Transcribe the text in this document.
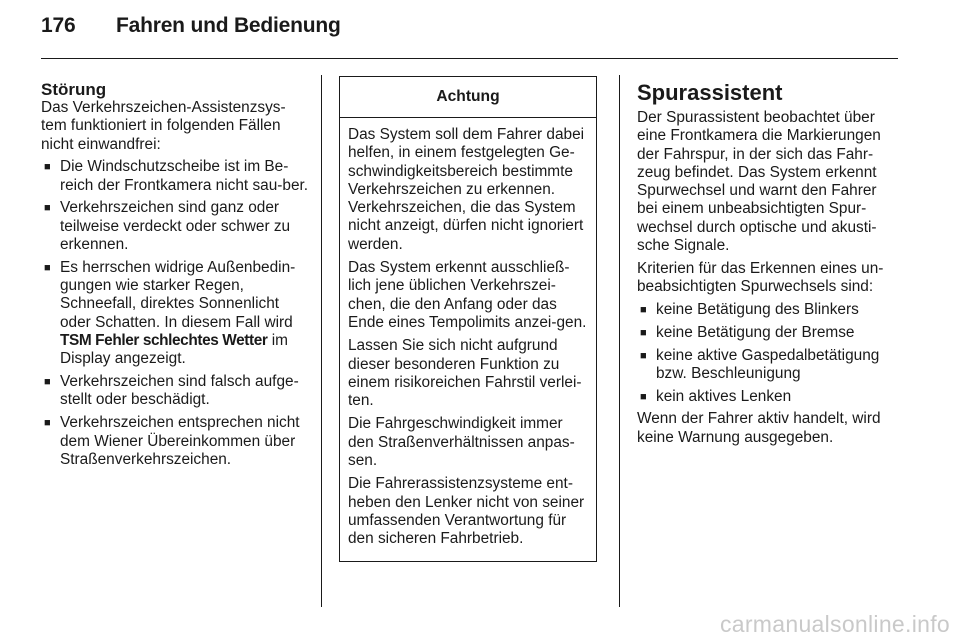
176 Fahren und Bedienung
Störung

Das Verkehrszeichen-Assistenzsys-tem funktioniert in folgenden Fällen nicht einwandfrei:

■ Die Windschutzscheibe ist im Be-reich der Frontkamera nicht sau-ber.
■ Verkehrszeichen sind ganz oder teilweise verdeckt oder schwer zu erkennen.
■ Es herrschen widrige Außenbedin-gungen wie starker Regen, Schneefall, direktes Sonnenlicht oder Schatten. In diesem Fall wird TSM Fehler schlechtes Wetter im Display angezeigt.
■ Verkehrszeichen sind falsch aufge-stellt oder beschädigt.
■ Verkehrszeichen entsprechen nicht dem Wiener Übereinkommen über Straßenverkehrszeichen.
Achtung

Das System soll dem Fahrer dabei helfen, in einem festgelegten Ge-schwindigkeitsbereich bestimmte Verkehrszeichen zu erkennen. Verkehrszeichen, die das System nicht anzeigt, dürfen nicht ignoriert werden.

Das System erkennt ausschließ-lich jene üblichen Verkehrszei-chen, die den Anfang oder das Ende eines Tempolimits anzei-gen.

Lassen Sie sich nicht aufgrund dieser besonderen Funktion zu einem risikoreichen Fahrstil verlei-ten.

Die Fahrgeschwindigkeit immer den Straßenverhältnissen anpas-sen.

Die Fahrerassistenzsysteme ent-heben den Lenker nicht von seiner umfassenden Verantwortung für den sicheren Fahrbetrieb.

Spurassistent

Der Spurassistent beobachtet über eine Frontkamera die Markierungen der Fahrspur, in der sich das Fahr-zeug befindet. Das System erkennt Spurwechsel und warnt den Fahrer bei einem unbeabsichtigten Spur-wechsel durch optische und akusti-sche Signale.

Kriterien für das Erkennen eines un-beabsichtigten Spurwechsels sind:

■ keine Betätigung des Blinkers
■ keine Betätigung der Bremse
■ keine aktive Gaspedalbetätigung bzw. Beschleunigung
■ kein aktives Lenken

Wenn der Fahrer aktiv handelt, wird keine Warnung ausgegeben.

carmanualsonline.info
